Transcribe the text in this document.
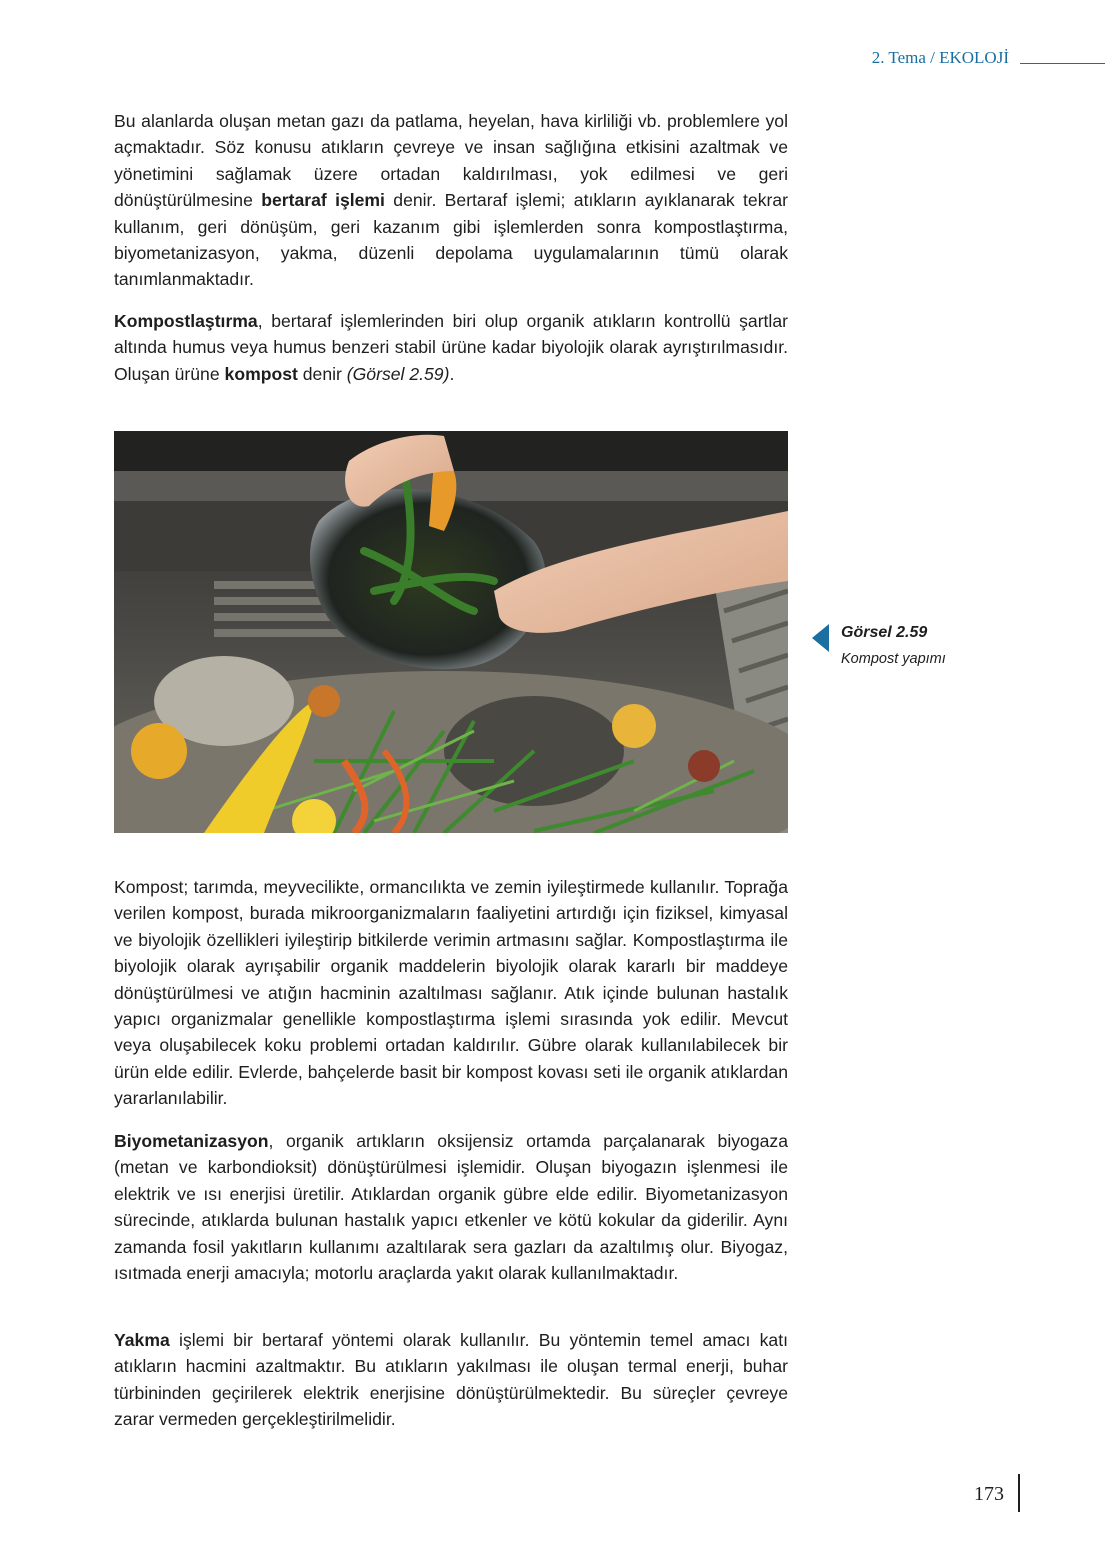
2. Tema / EKOLOJİ

Bu alanlarda oluşan metan gazı da patlama, heyelan, hava kirliliği vb. problemlere yol açmaktadır. Söz konusu atıkların çevreye ve insan sağlığına etkisini azaltmak ve yönetimini sağlamak üzere ortadan kaldırılması, yok edilmesi ve geri dönüştürülmesine bertaraf işlemi denir. Bertaraf işlemi; atıkların ayıklanarak tekrar kullanım, geri dönüşüm, geri kazanım gibi işlemlerden sonra kompostlaştırma, biyometanizasyon, yakma, düzenli depolama uygulamalarının tümü olarak tanımlanmaktadır.

Kompostlaştırma, bertaraf işlemlerinden biri olup organik atıkların kontrollü şartlar altında humus veya humus benzeri stabil ürüne kadar biyolojik olarak ayrıştırılmasıdır. Oluşan ürüne kompost denir (Görsel 2.59).

Görsel 2.59
Kompost yapımı

Kompost; tarımda, meyvecilikte, ormancılıkta ve zemin iyileştirmede kullanılır. Toprağa verilen kompost, burada mikroorganizmaların faaliyetini artırdığı için fiziksel, kimyasal ve biyolojik özellikleri iyileştirip bitkilerde verimin artmasını sağlar. Kompostlaştırma ile biyolojik olarak ayrışabilir organik maddelerin biyolojik olarak kararlı bir maddeye dönüştürülmesi ve atığın hacminin azaltılması sağlanır. Atık içinde bulunan hastalık yapıcı organizmalar genellikle kompostlaştırma işlemi sırasında yok edilir. Mevcut veya oluşabilecek koku problemi ortadan kaldırılır. Gübre olarak kullanılabilecek bir ürün elde edilir. Evlerde, bahçelerde basit bir kompost kovası seti ile organik atıklardan yararlanılabilir.

Biyometanizasyon, organik artıkların oksijensiz ortamda parçalanarak biyogaza (metan ve karbondioksit) dönüştürülmesi işlemidir. Oluşan biyogazın işlenmesi ile elektrik ve ısı enerjisi üretilir. Atıklardan organik gübre elde edilir. Biyometanizasyon sürecinde, atıklarda bulunan hastalık yapıcı etkenler ve kötü kokular da giderilir. Aynı zamanda fosil yakıtların kullanımı azaltılarak sera gazları da azaltılmış olur. Biyogaz, ısıtmada enerji amacıyla; motorlu araçlarda yakıt olarak kullanılmaktadır.

Yakma işlemi bir bertaraf yöntemi olarak kullanılır. Bu yöntemin temel amacı katı atıkların hacmini azaltmaktır. Bu atıkların yakılması ile oluşan termal enerji, buhar türbininden geçirilerek elektrik enerjisine dönüştürülmektedir. Bu süreçler çevreye zarar vermeden gerçekleştirilmelidir.

173
